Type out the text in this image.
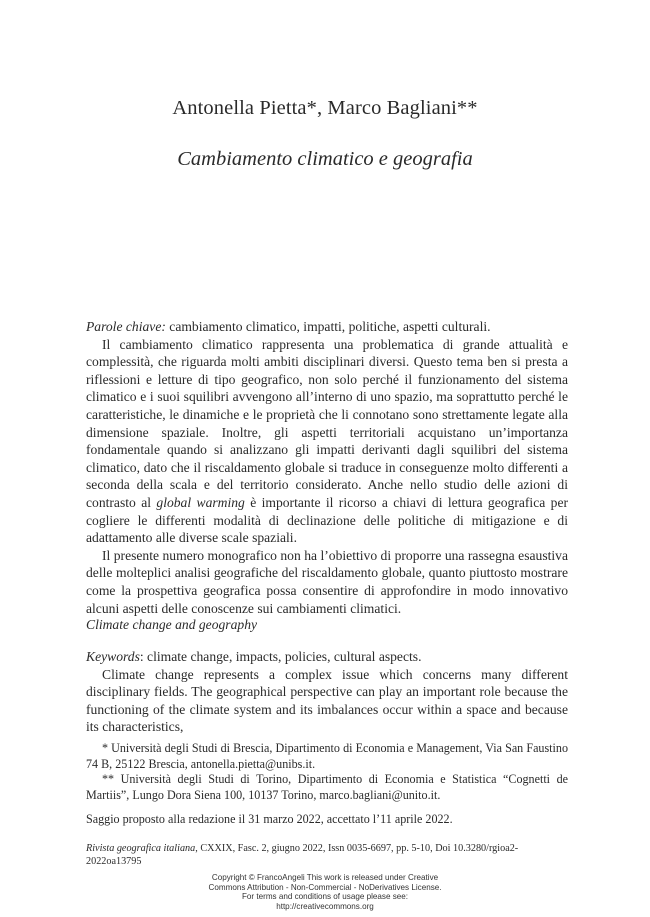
Antonella Pietta*, Marco Bagliani**
Cambiamento climatico e geografia

Parole chiave: cambiamento climatico, impatti, politiche, aspetti culturali.

Il cambiamento climatico rappresenta una problematica di grande attualità e complessità, che riguarda molti ambiti disciplinari diversi. Questo tema ben si presta a riflessioni e letture di tipo geografico, non solo perché il funzionamento del sistema climatico e i suoi squilibri avvengono all’interno di uno spazio, ma soprattutto perché le caratteristiche, le dinamiche e le proprietà che li connotano sono strettamente legate alla dimensione spaziale. Inoltre, gli aspetti territoriali acquistano un’importanza fondamentale quando si analizzano gli impatti derivanti dagli squilibri del sistema climatico, dato che il riscaldamento globale si traduce in conseguenze molto differenti a seconda della scala e del territorio considerato. Anche nello studio delle azioni di contrasto al global warming è importante il ricorso a chiavi di lettura geografica per cogliere le differenti modalità di declinazione delle politiche di mitigazione e di adattamento alle diverse scale spaziali.

Il presente numero monografico non ha l’obiettivo di proporre una rassegna esaustiva delle molteplici analisi geografiche del riscaldamento globale, quanto piuttosto mostrare come la prospettiva geografica possa consentire di approfondire in modo innovativo alcuni aspetti delle conoscenze sui cambiamenti climatici.

Climate change and geography

Keywords: climate change, impacts, policies, cultural aspects.

Climate change represents a complex issue which concerns many different disciplinary fields. The geographical perspective can play an important role because the functioning of the climate system and its imbalances occur within a space and because its characteristics,

* Università degli Studi di Brescia, Dipartimento di Economia e Management, Via San Faustino 74 B, 25122 Brescia, antonella.pietta@unibs.it.

** Università degli Studi di Torino, Dipartimento di Economia e Statistica “Cognetti de Martiis”, Lungo Dora Siena 100, 10137 Torino, marco.bagliani@unito.it.

Saggio proposto alla redazione il 31 marzo 2022, accettato l’11 aprile 2022.

Rivista geografica italiana, CXXIX, Fasc. 2, giugno 2022, Issn 0035-6697, pp. 5-10, Doi 10.3280/rgioa2-2022oa13795
Copyright © FrancoAngeli This work is released under Creative
Commons Attribution - Non-Commercial - NoDerivatives License.
For terms and conditions of usage please see:
http://creativecommons.org
